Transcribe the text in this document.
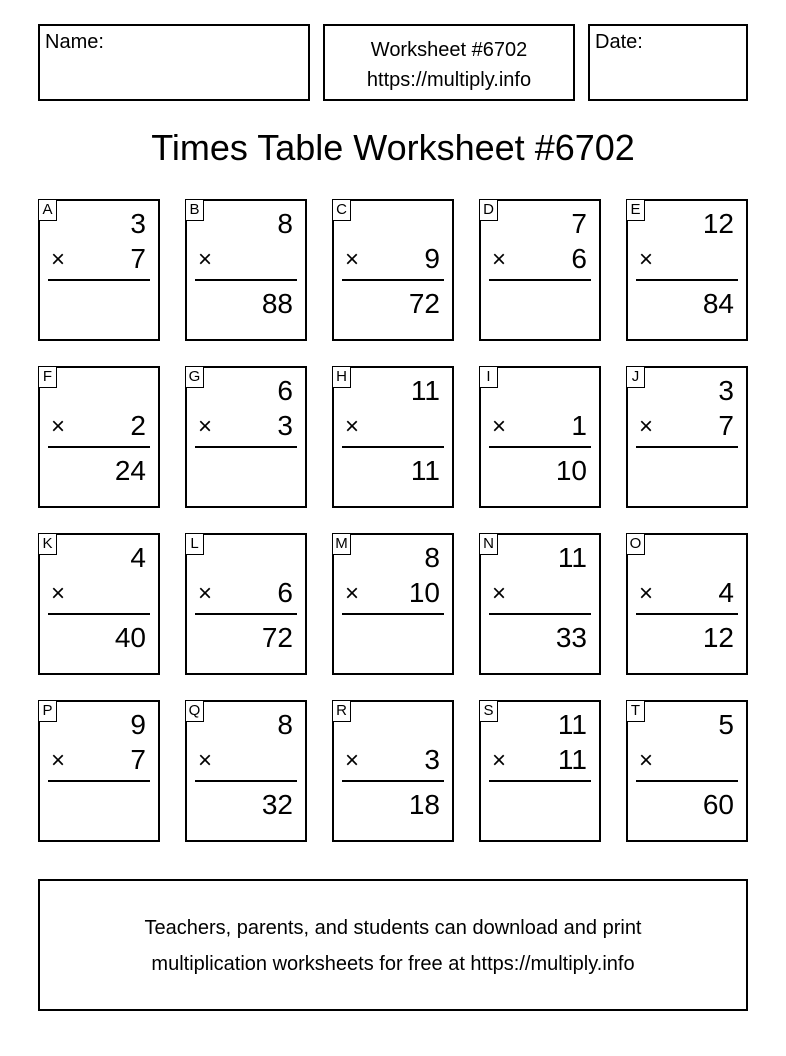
Name:	Worksheet #6702
https://multiply.info
Date:
Times Table Worksheet #6702
A	3
× 7
B	8
×
88
C
× 9
72
D	7
× 6
E 12
×
84
F
× 2
24
G	6
× 3
H 11
×
11
I
× 1
10
J	3
× 7
K	4
×
40
L
× 6
72
M	8
× 10
N 11
×
33
O
× 4
12
P	9
× 7
Q	8
×
32
R
× 3
18
S 11
× 11
T	5
×
60
Teachers, parents, and students can download and print
multiplication worksheets for free at https://multiply.info
